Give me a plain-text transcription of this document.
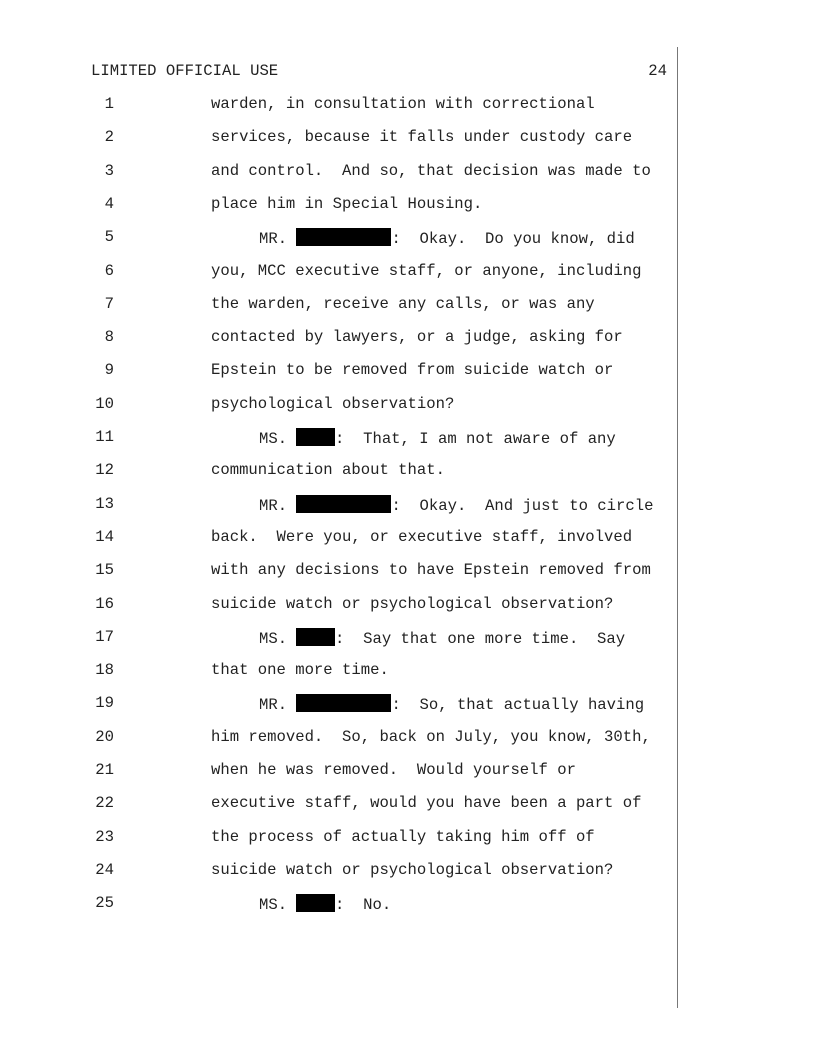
LIMITED OFFICIAL USE	24
1	warden, in consultation with correctional
2	services, because it falls under custody care
3	and control.  And so, that decision was made to
4	place him in Special Housing.
5	MR.	:  Okay.  Do you know, did
6	you, MCC executive staff, or anyone, including
7	the warden, receive any calls, or was any
8	contacted by lawyers, or a judge, asking for
9	Epstein to be removed from suicide watch or
10	psychological observation?
11	MS. :  That, I am not aware of any
12	communication about that.
13	MR.	:  Okay.  And just to circle
14	back.  Were you, or executive staff, involved
15	with any decisions to have Epstein removed from
16	suicide watch or psychological observation?
17	MS. :  Say that one more time.  Say
18	that one more time.
19	MR.	:  So, that actually having
20	him removed.  So, back on July, you know, 30th,
21	when he was removed.  Would yourself or
22	executive staff, would you have been a part of
23	the process of actually taking him off of
24	suicide watch or psychological observation?
25	MS. :  No.
